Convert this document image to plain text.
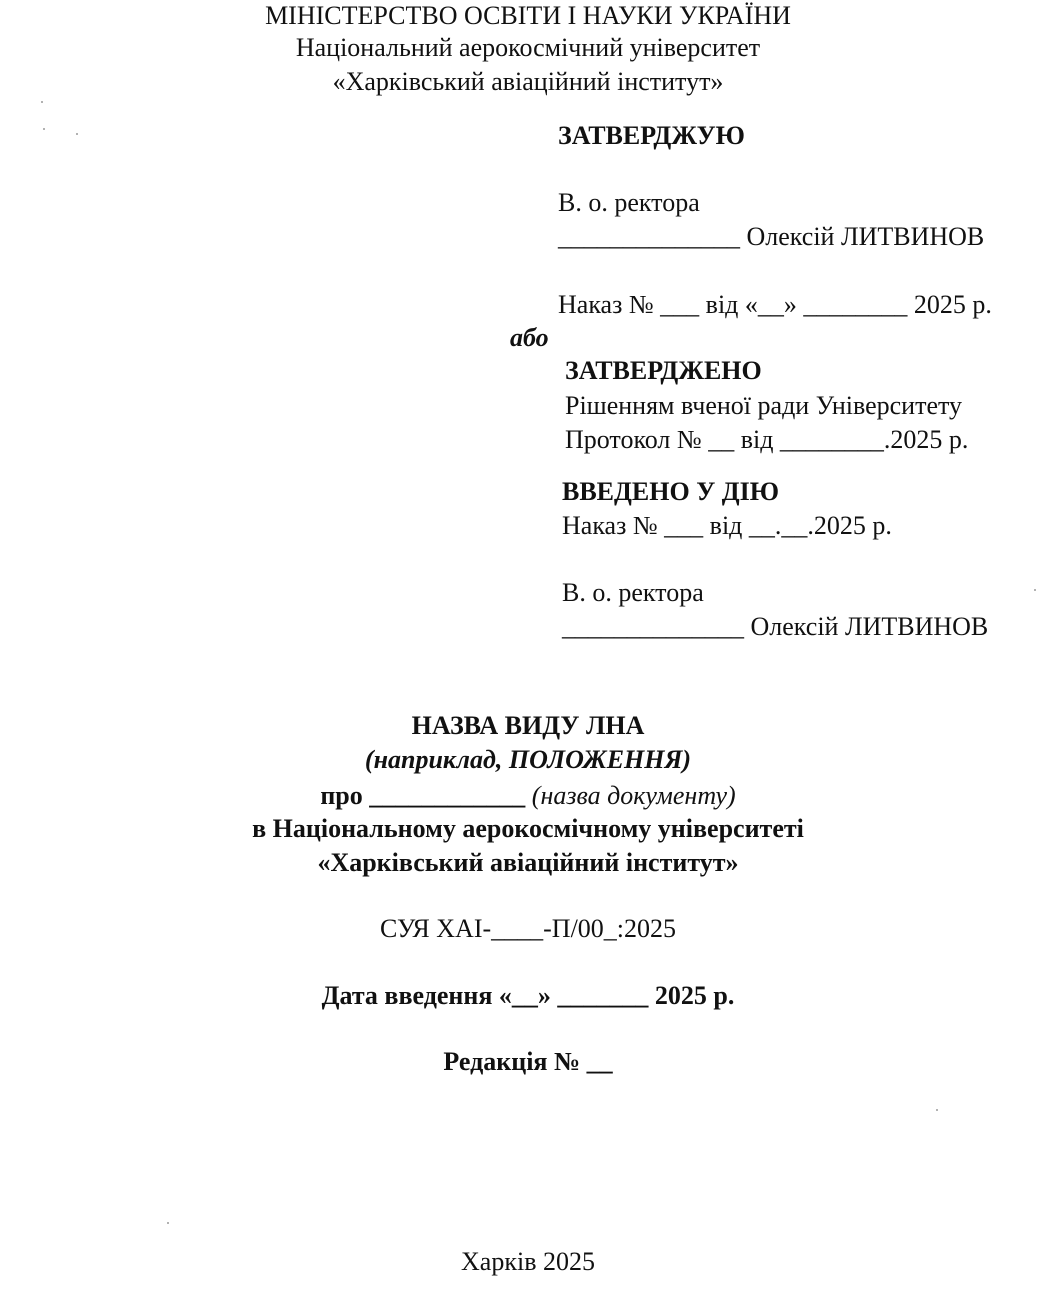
МІНІСТЕРСТВО ОСВІТИ І НАУКИ УКРАЇНИ
Національний аерокосмічний університет
«Харківський авіаційний інститут»
ЗАТВЕРДЖУЮ
В. о. ректора
______________ Олексій ЛИТВИНОВ
Наказ № ___ від «__» ________ 2025 р.
або
ЗАТВЕРДЖЕНО
Рішенням вченої ради Університету
Протокол № __ від ________.2025 р.
ВВЕДЕНО У ДІЮ
Наказ № ___ від __.__.2025 р.
В. о. ректора
______________ Олексій ЛИТВИНОВ
НАЗВА ВИДУ ЛНА
(наприклад, ПОЛОЖЕННЯ)
про ____________ (назва документу)
в Національному аерокосмічному університеті
«Харківський авіаційний інститут»
СУЯ ХАІ-____-П/00_:2025
Дата введення «__» _______ 2025 р.
Редакція № __
Харків 2025
